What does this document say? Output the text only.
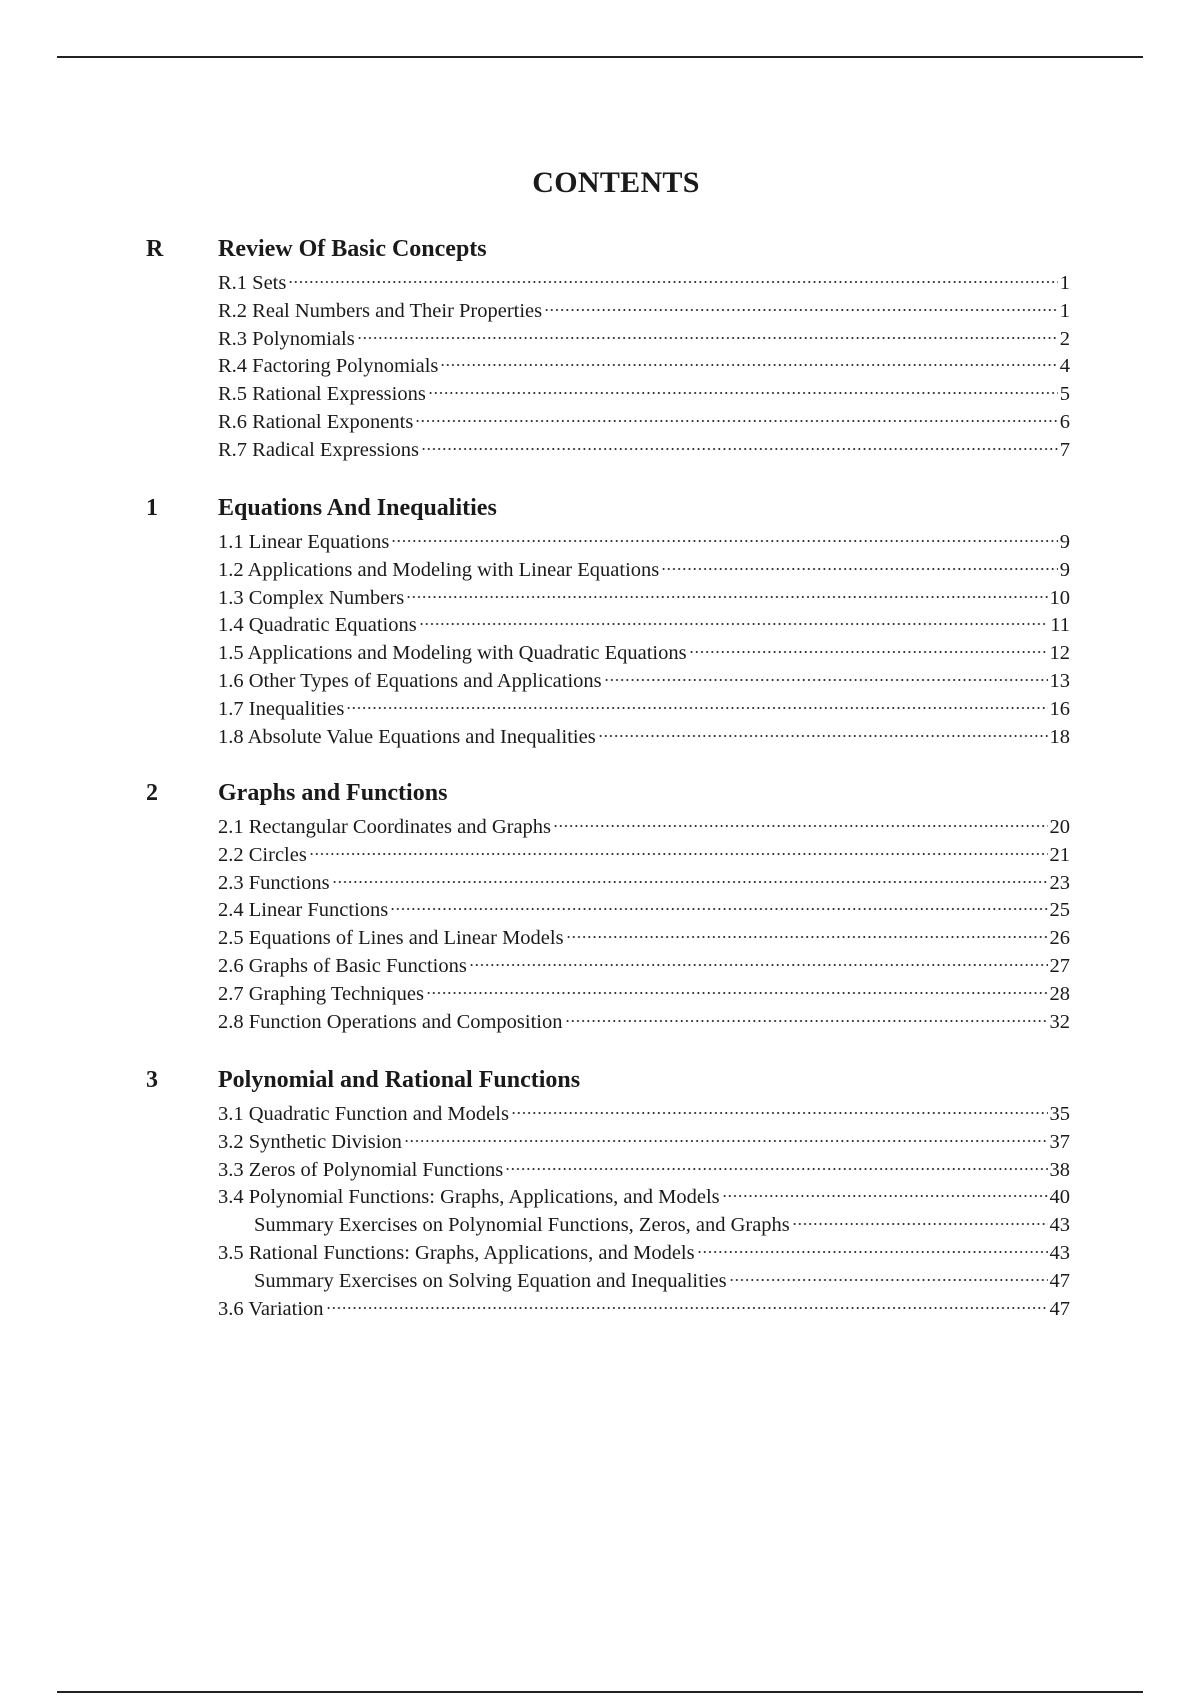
CONTENTS
R Review Of Basic Concepts
R.1 Sets	1
R.2 Real Numbers and Their Properties	1
R.3 Polynomials	2
R.4 Factoring Polynomials	4
R.5 Rational Expressions	5
R.6 Rational Exponents	6
R.7 Radical Expressions	7
1	Equations And Inequalities
1.1 Linear Equations	9
1.2 Applications and Modeling with Linear Equations	9
1.3 Complex Numbers	10
1.4 Quadratic Equations	11
1.5 Applications and Modeling with Quadratic Equations	12
1.6 Other Types of Equations and Applications	13
1.7 Inequalities	16
1.8 Absolute Value Equations and Inequalities	18
2	Graphs and Functions
2.1 Rectangular Coordinates and Graphs	20
2.2 Circles	21
2.3 Functions	23
2.4 Linear Functions	25
2.5 Equations of Lines and Linear Models	26
2.6 Graphs of Basic Functions	27
2.7 Graphing Techniques	28
2.8 Function Operations and Composition	32
3	Polynomial and Rational Functions
3.1 Quadratic Function and Models	35
3.2 Synthetic Division	37
3.3 Zeros of Polynomial Functions	38
3.4 Polynomial Functions: Graphs, Applications, and Models	40
Summary Exercises on Polynomial Functions, Zeros, and Graphs	43
3.5 Rational Functions: Graphs, Applications, and Models	43
Summary Exercises on Solving Equation and Inequalities	47
3.6 Variation	47
